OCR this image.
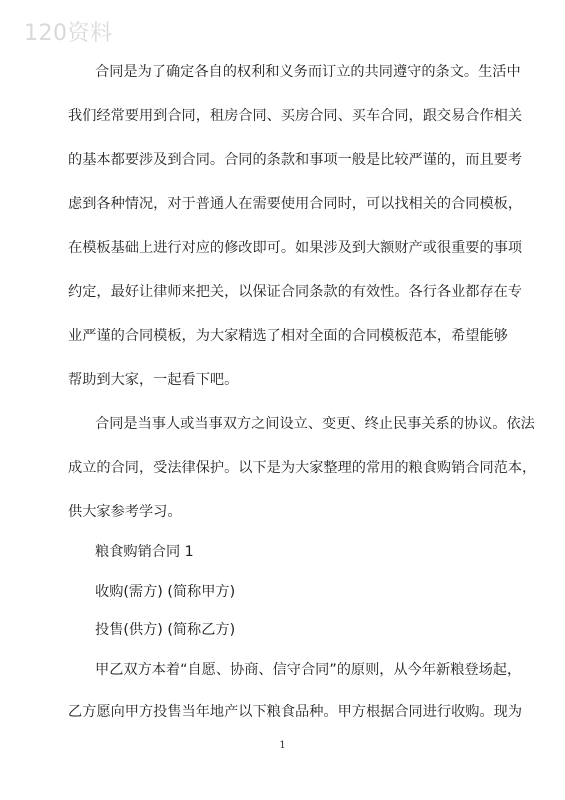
120资料
合同是为了确定各自的权利和义务而订立的共同遵守的条文。生活中
我们经常要用到合同，租房合同、买房合同、买车合同，跟交易合作相关
的基本都要涉及到合同。合同的条款和事项一般是比较严谨的，而且要考
虑到各种情况，对于普通人在需要使用合同时，可以找相关的合同模板，
在模板基础上进行对应的修改即可。如果涉及到大额财产或很重要的事项
约定，最好让律师来把关，以保证合同条款的有效性。各行各业都存在专
业严谨的合同模板，为大家精选了相对全面的合同模板范本，希望能够
帮助到大家，一起看下吧。
合同是当事人或当事双方之间设立、变更、终止民事关系的协议。依法
成立的合同，受法律保护。以下是为大家整理的常用的粮食购销合同范本，
供大家参考学习。
粮食购销合同 1
收购(需方) (简称甲方)
投售(供方) (简称乙方)
甲乙双方本着“自愿、协商、信守合同”的原则，从今年新粮登场起，
乙方愿向甲方投售当年地产以下粮食品种。甲方根据合同进行收购。现为
1
